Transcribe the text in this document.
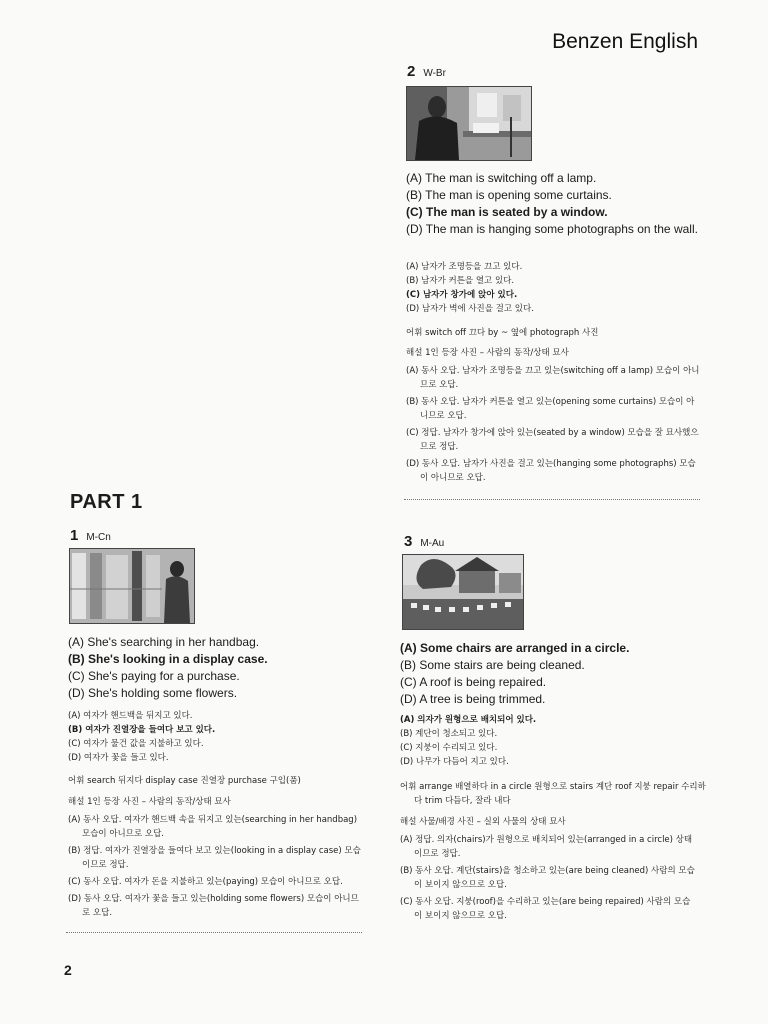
Benzen English
2 W-Br
(A) The man is switching off a lamp.
(B) The man is opening some curtains.
(C) The man is seated by a window.
(D) The man is hanging some photographs on the wall.
(A) 남자가 조명등을 끄고 있다.
(B) 남자가 커튼을 열고 있다.
(C) 남자가 창가에 앉아 있다.
(D) 남자가 벽에 사진을 걸고 있다.
어휘 switch off 끄다 by ~ 옆에 photograph 사진
해설 1인 등장 사진 – 사람의 동작/상태 묘사
(A) 동사 오답. 남자가 조명등을 끄고 있는(switching off a lamp) 모습이 아니므로 오답.
(B) 동사 오답. 남자가 커튼을 열고 있는(opening some curtains) 모습이 아니므로 오답.
(C) 정답. 남자가 창가에 앉아 있는(seated by a window) 모습을 잘 묘사했으므로 정답.
(D) 동사 오답. 남자가 사진을 걸고 있는(hanging some photographs) 모습이 아니므로 오답.
PART 1
1 M-Cn
(A) She's searching in her handbag.
(B) She's looking in a display case.
(C) She's paying for a purchase.
(D) She's holding some flowers.
(A) 여자가 핸드백을 뒤지고 있다.
(B) 여자가 진열장을 들여다 보고 있다.
(C) 여자가 물건 값을 지불하고 있다.
(D) 여자가 꽃을 들고 있다.
어휘 search 뒤지다 display case 진열장 purchase 구입(품)
해설 1인 등장 사진 – 사람의 동작/상태 묘사
(A) 동사 오답. 여자가 핸드백 속을 뒤지고 있는(searching in her handbag) 모습이 아니므로 오답.
(B) 정답. 여자가 진열장을 들여다 보고 있는(looking in a display case) 모습이므로 정답.
(C) 동사 오답. 여자가 돈을 지불하고 있는(paying) 모습이 아니므로 오답.
(D) 동사 오답. 여자가 꽃을 들고 있는(holding some flowers) 모습이 아니므로 오답.
3 M-Au
(A) Some chairs are arranged in a circle.
(B) Some stairs are being cleaned.
(C) A roof is being repaired.
(D) A tree is being trimmed.
(A) 의자가 원형으로 배치되어 있다.
(B) 계단이 청소되고 있다.
(C) 지붕이 수리되고 있다.
(D) 나무가 다듬어 지고 있다.
어휘 arrange 배열하다 in a circle 원형으로 stairs 계단 roof 지붕 repair 수리하다 trim 다듬다, 잘라 내다
해설 사물/배경 사진 – 실외 사물의 상태 묘사
(A) 정답. 의자(chairs)가 원형으로 배치되어 있는(arranged in a circle) 상태이므로 정답.
(B) 동사 오답. 계단(stairs)을 청소하고 있는(are being cleaned) 사람의 모습이 보이지 않으므로 오답.
(C) 동사 오답. 지붕(roof)을 수리하고 있는(are being repaired) 사람의 모습이 보이지 않으므로 오답.
2
